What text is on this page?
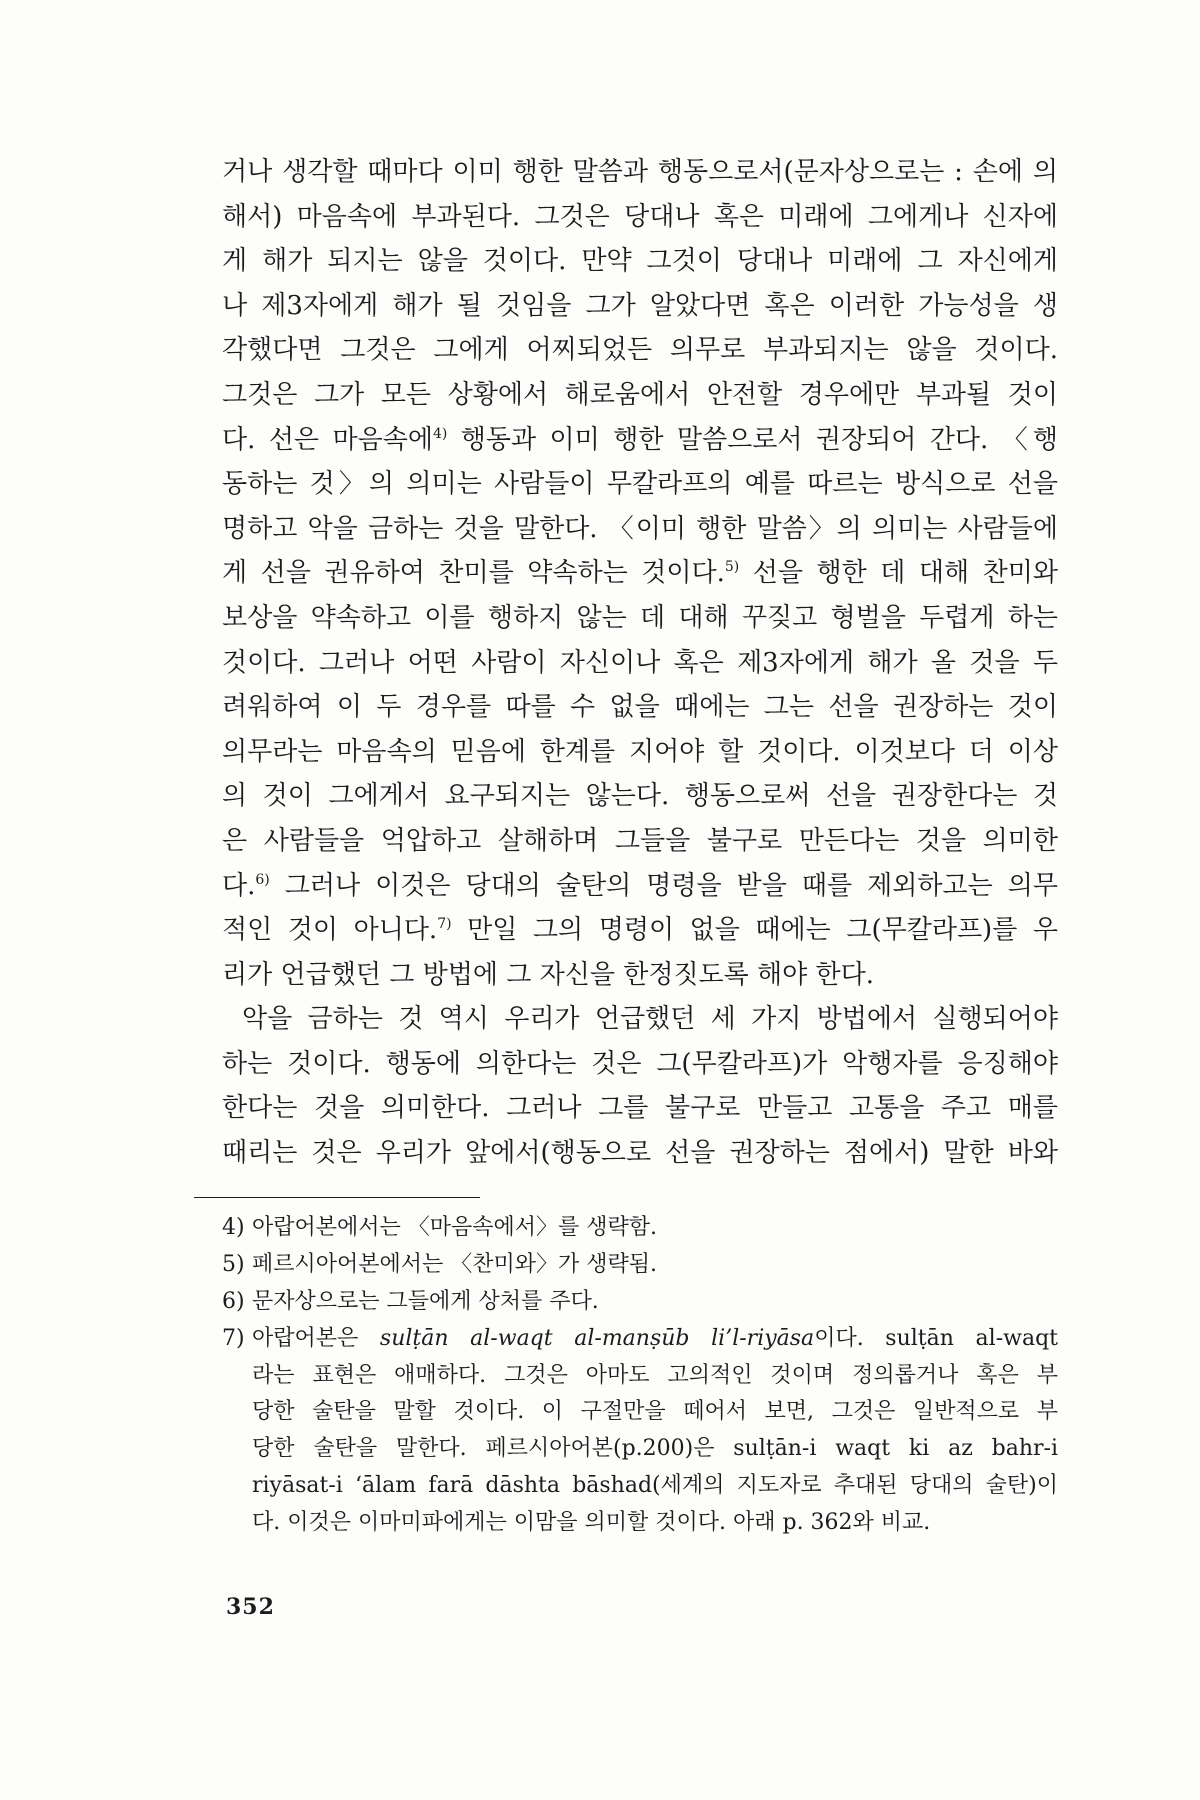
거나 생각할 때마다 이미 행한 말씀과 행동으로서(문자상으로는 : 손에 의
해서) 마음속에 부과된다. 그것은 당대나 혹은 미래에 그에게나 신자에
게 해가 되지는 않을 것이다. 만약 그것이 당대나 미래에 그 자신에게
나 제3자에게 해가 될 것임을 그가 알았다면 혹은 이러한 가능성을 생
각했다면 그것은 그에게 어찌되었든 의무로 부과되지는 않을 것이다.
그것은 그가 모든 상황에서 해로움에서 안전할 경우에만 부과될 것이
다. 선은 마음속에$^{4)}$ 행동과 이미 행한 말씀으로서 권장되어 간다. 〈행
동하는 것〉의 의미는 사람들이 무칼라프의 예를 따르는 방식으로 선을
명하고 악을 금하는 것을 말한다. 〈이미 행한 말씀〉의 의미는 사람들에
게 선을 권유하여 찬미를 약속하는 것이다.$^{5)}$ 선을 행한 데 대해 찬미와
보상을 약속하고 이를 행하지 않는 데 대해 꾸짖고 형벌을 두렵게 하는
것이다. 그러나 어떤 사람이 자신이나 혹은 제3자에게 해가 올 것을 두
려워하여 이 두 경우를 따를 수 없을 때에는 그는 선을 권장하는 것이
의무라는 마음속의 믿음에 한계를 지어야 할 것이다. 이것보다 더 이상
의 것이 그에게서 요구되지는 않는다. 행동으로써 선을 권장한다는 것
은 사람들을 억압하고 살해하며 그들을 불구로 만든다는 것을 의미한
다.$^{6)}$ 그러나 이것은 당대의 술탄의 명령을 받을 때를 제외하고는 의무
적인 것이 아니다.$^{7)}$ 만일 그의 명령이 없을 때에는 그(무칼라프)를 우
리가 언급했던 그 방법에 그 자신을 한정짓도록 해야 한다.
악을 금하는 것 역시 우리가 언급했던 세 가지 방법에서 실행되어야
하는 것이다. 행동에 의한다는 것은 그(무칼라프)가 악행자를 응징해야
한다는 것을 의미한다. 그러나 그를 불구로 만들고 고통을 주고 매를
때리는 것은 우리가 앞에서(행동으로 선을 권장하는 점에서) 말한 바와
4) 아랍어본에서는 〈마음속에서〉를 생략함.
5) 페르시아어본에서는 〈찬미와〉가 생략됨.
6) 문자상으로는 그들에게 상처를 주다.
7) 아랍어본은 sulṭān al-waqt al-manṣūb li’l-riyāsa이다. sulṭān al-waqt
라는 표현은 애매하다. 그것은 아마도 고의적인 것이며 정의롭거나 혹은 부
당한 술탄을 말할 것이다. 이 구절만을 떼어서 보면, 그것은 일반적으로 부
당한 술탄을 말한다. 페르시아어본(p.200)은 sulṭān-i waqt ki az bahr-i
riyāsat-i ‘ālam farā dāshta bāshad(세계의 지도자로 추대된 당대의 술탄)이
다. 이것은 이마미파에게는 이맘을 의미할 것이다. 아래 p. 362와 비교.
352
